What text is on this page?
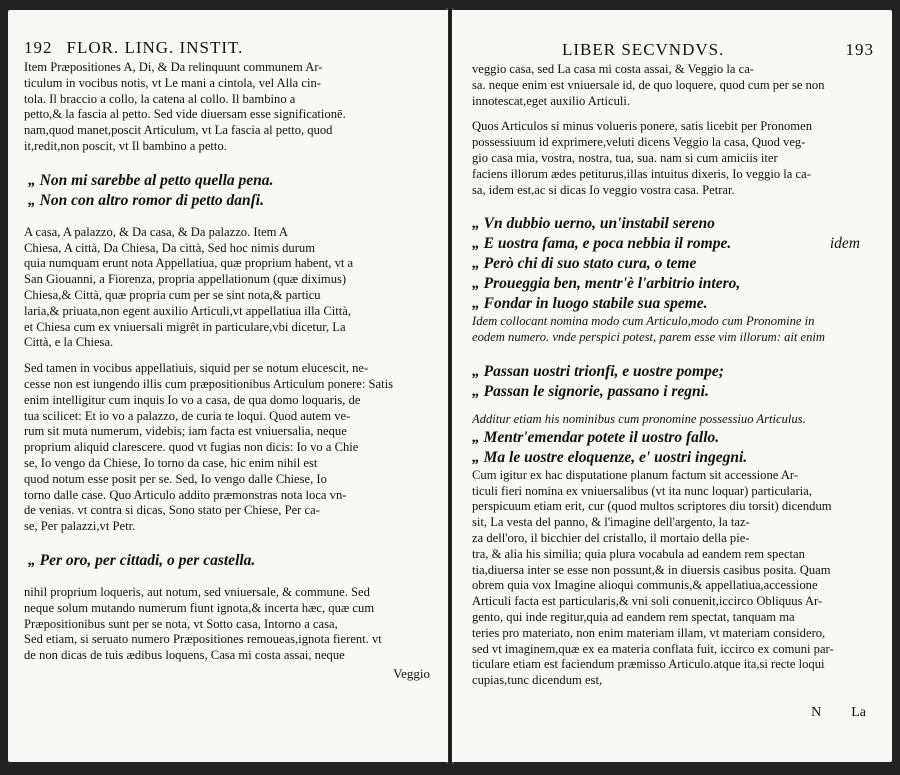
192 FLOR. LING. INSTIT.

Item Præpositiones A, Di, & Da relinquunt communem Ar-

ticulum in vocibus notis, vt Le mani a cintola, vel Alla cin-

tola. Il braccio a collo, la catena al collo. Il bambino a

petto,& la fascia al petto. Sed vide diuersam esse significationē.

nam,quod manet,poscit Articulum, vt La fascia al petto, quod

it,redit,non poscit, vt Il bambino a petto.

„ Non mi sarebbe al petto quella pena.

„ Non con altro romor di petto danſi.

A casa, A palazzo, & Da casa, & Da palazzo. Item A

Chiesa, A città, Da Chiesa, Da città, Sed hoc nimis durum

quia numquam erunt nota Appellatiua, quæ proprium habent, vt a

San Giouanni, a Fiorenza, propria appellationum (quæ diximus)

Chiesa,& Città, quæ propria cum per se sint nota,& particu

laria,& priuata,non egent auxilio Articuli,vt appellatiua illa Città,

et Chiesa cum ex vniuersali migrêt in particulare,vbi dicetur, La

Città, e la Chiesa.

Sed tamen in vocibus appellatiuis, siquid per se notum elucescit, ne-

cesse non est iungendo illis cum præpositionibus Articulum ponere: Satis

enim intelligitur cum inquis Io vo a casa, de qua domo loquaris, de

tua scilicet: Et io vo a palazzo, de curia te loqui. Quod autem ve-

rum sit muta numerum, videbis; iam facta est vniuersalia, neque

proprium aliquid clarescere. quod vt fugias non dicis: Io vo a Chie

se, Io vengo da Chiese, Io torno da case, hic enim nihil est

quod notum esse posit per se. Sed, Io vengo dalle Chiese, Io

torno dalle case. Quo Articulo addito præmonstras nota loca vn-

de venias. vt contra si dicas, Sono stato per Chiese, Per ca-

se, Per palazzi,vt Petr.

„ Per oro, per cittadi, o per castella.

nihil proprium loqueris, aut notum, sed vniuersale, & commune. Sed

neque solum mutando numerum fiunt ignota,& incerta hæc, quæ cum

Præpositionibus sunt per se nota, vt Sotto casa, Intorno a casa,

Sed etiam, si seruato numero Præpositiones remoueas,ignota fierent. vt

de non dicas de tuis ædibus loquens, Casa mi costa assai, neque

Veggio
LIBER SECVNDVS.	193

veggio casa, sed La casa mi costa assai, & Veggio la ca-

sa. neque enim est vniuersale id, de quo loquere, quod cum per se non

innotescat,eget auxilio Articuli.

Quos Articulos si minus volueris ponere, satis licebit per Pronomen

possessiuum id exprimere,veluti dicens Veggio la casa, Quod veg-

gio casa mia, vostra, nostra, tua, sua. nam si cum amiciis iter

faciens illorum ædes petiturus,illas intuitus dixeris, Io veggio la ca-

sa, idem est,ac si dicas Io veggio vostra casa. Petrar.

„ Vn dubbio uerno, un'instabil sereno

„ E uostra fama, e poca nebbia il rompe.	idem

„ Però chi di suo stato cura, o teme

„ Proueggia ben, mentr'è l'arbitrio intero,

„ Fondar in luogo stabile sua speme.

Idem collocant nomina modo cum Articulo,modo cum Pronomine in

eodem numero. vnde perspici potest, parem esse vim illorum: ait enim

„ Passan uostri trionfi, e uostre pompe;

„ Passan le signorie, passano i regni.

Additur etiam his nominibus cum pronomine possessiuo Articulus.

„ Mentr'emendar potete il uostro fallo.

„ Ma le uostre eloquenze, e' uostri ingegni.

Cum igitur ex hac disputatione planum factum sit accessione Ar-

ticuli fieri nomina ex vniuersalibus (vt ita nunc loquar) particularia,

perspicuum etiam erit, cur (quod multos scriptores diu torsit) dicendum

sit, La vesta del panno, & l'imagine dell'argento, la taz-

za dell'oro, il bicchier del cristallo, il mortaio della pie-

tra, & alia his similia; quia plura vocabula ad eandem rem spectan

tia,diuersa inter se esse non possunt,& in diuersis casibus posita. Quam

obrem quia vox Imagine alioqui communis,& appellatiua,accessione

Articuli facta est particularis,& vni soli conuenit,iccirco Obliquus Ar-

gento, qui inde regitur,quia ad eandem rem spectat, tanquam ma

teries pro materiato, non enim materiam illam, vt materiam considero,

sed vt imaginem,quæ ex ea materia conflata fuit, iccirco ex comuni par-

ticulare etiam est faciendum præmisso Articulo.atque ita,si recte loqui

cupias,tunc dicendum est,

N La
